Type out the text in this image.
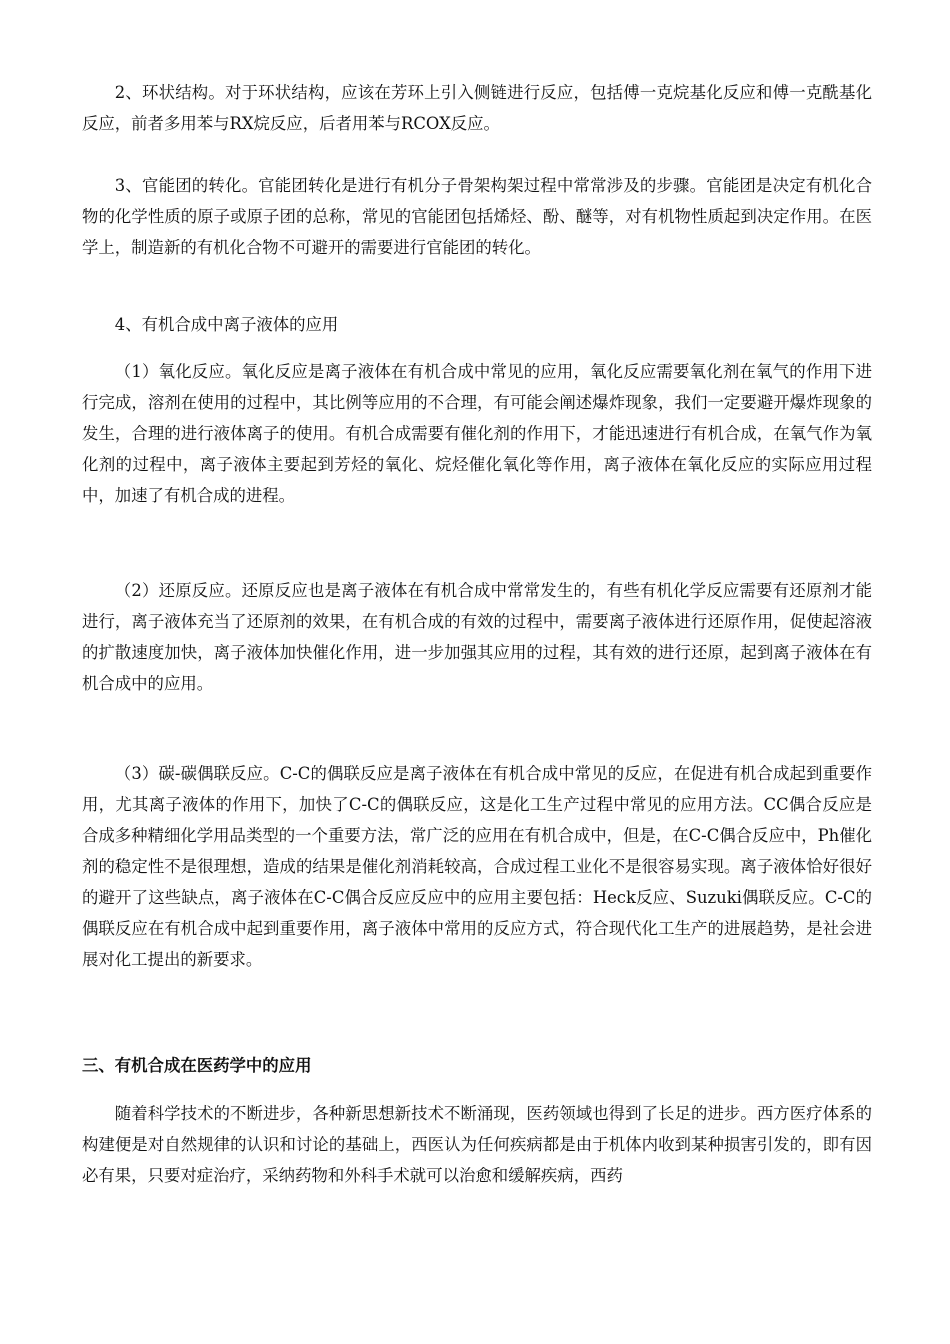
2、环状结构。对于环状结构，应该在芳环上引入侧链进行反应，包括傅一克烷基化反应和傅一克酰基化反应，前者多用苯与RX烷反应，后者用苯与RCOX反应。

3、官能团的转化。官能团转化是进行有机分子骨架构架过程中常常涉及的步骤。官能团是决定有机化合物的化学性质的原子或原子团的总称，常见的官能团包括烯烃、酚、醚等，对有机物性质起到决定作用。在医学上，制造新的有机化合物不可避开的需要进行官能团的转化。

4、有机合成中离子液体的应用

（1）氧化反应。氧化反应是离子液体在有机合成中常见的应用，氧化反应需要氧化剂在氧气的作用下进行完成，溶剂在使用的过程中，其比例等应用的不合理，有可能会阐述爆炸现象，我们一定要避开爆炸现象的发生，合理的进行液体离子的使用。有机合成需要有催化剂的作用下，才能迅速进行有机合成，在氧气作为氧化剂的过程中，离子液体主要起到芳烃的氧化、烷烃催化氧化等作用，离子液体在氧化反应的实际应用过程中，加速了有机合成的进程。

（2）还原反应。还原反应也是离子液体在有机合成中常常发生的，有些有机化学反应需要有还原剂才能进行，离子液体充当了还原剂的效果，在有机合成的有效的过程中，需要离子液体进行还原作用，促使起溶液的扩散速度加快，离子液体加快催化作用，进一步加强其应用的过程，其有效的进行还原，起到离子液体在有机合成中的应用。

（3）碳-碳偶联反应。C-C的偶联反应是离子液体在有机合成中常见的反应，在促进有机合成起到重要作用，尤其离子液体的作用下，加快了C-C的偶联反应，这是化工生产过程中常见的应用方法。CC偶合反应是合成多种精细化学用品类型的一个重要方法，常广泛的应用在有机合成中，但是，在C-C偶合反应中，Ph催化剂的稳定性不是很理想，造成的结果是催化剂消耗较高，合成过程工业化不是很容易实现。离子液体恰好很好的避开了这些缺点，离子液体在C-C偶合反应反应中的应用主要包括：Heck反应、Suzuki偶联反应。C-C的偶联反应在有机合成中起到重要作用，离子液体中常用的反应方式，符合现代化工生产的进展趋势，是社会进展对化工提出的新要求。

三、有机合成在医药学中的应用

随着科学技术的不断进步，各种新思想新技术不断涌现，医药领域也得到了长足的进步。西方医疗体系的构建便是对自然规律的认识和讨论的基础上，西医认为任何疾病都是由于机体内收到某种损害引发的，即有因必有果，只要对症治疗，采纳药物和外科手术就可以治愈和缓解疾病，西药
